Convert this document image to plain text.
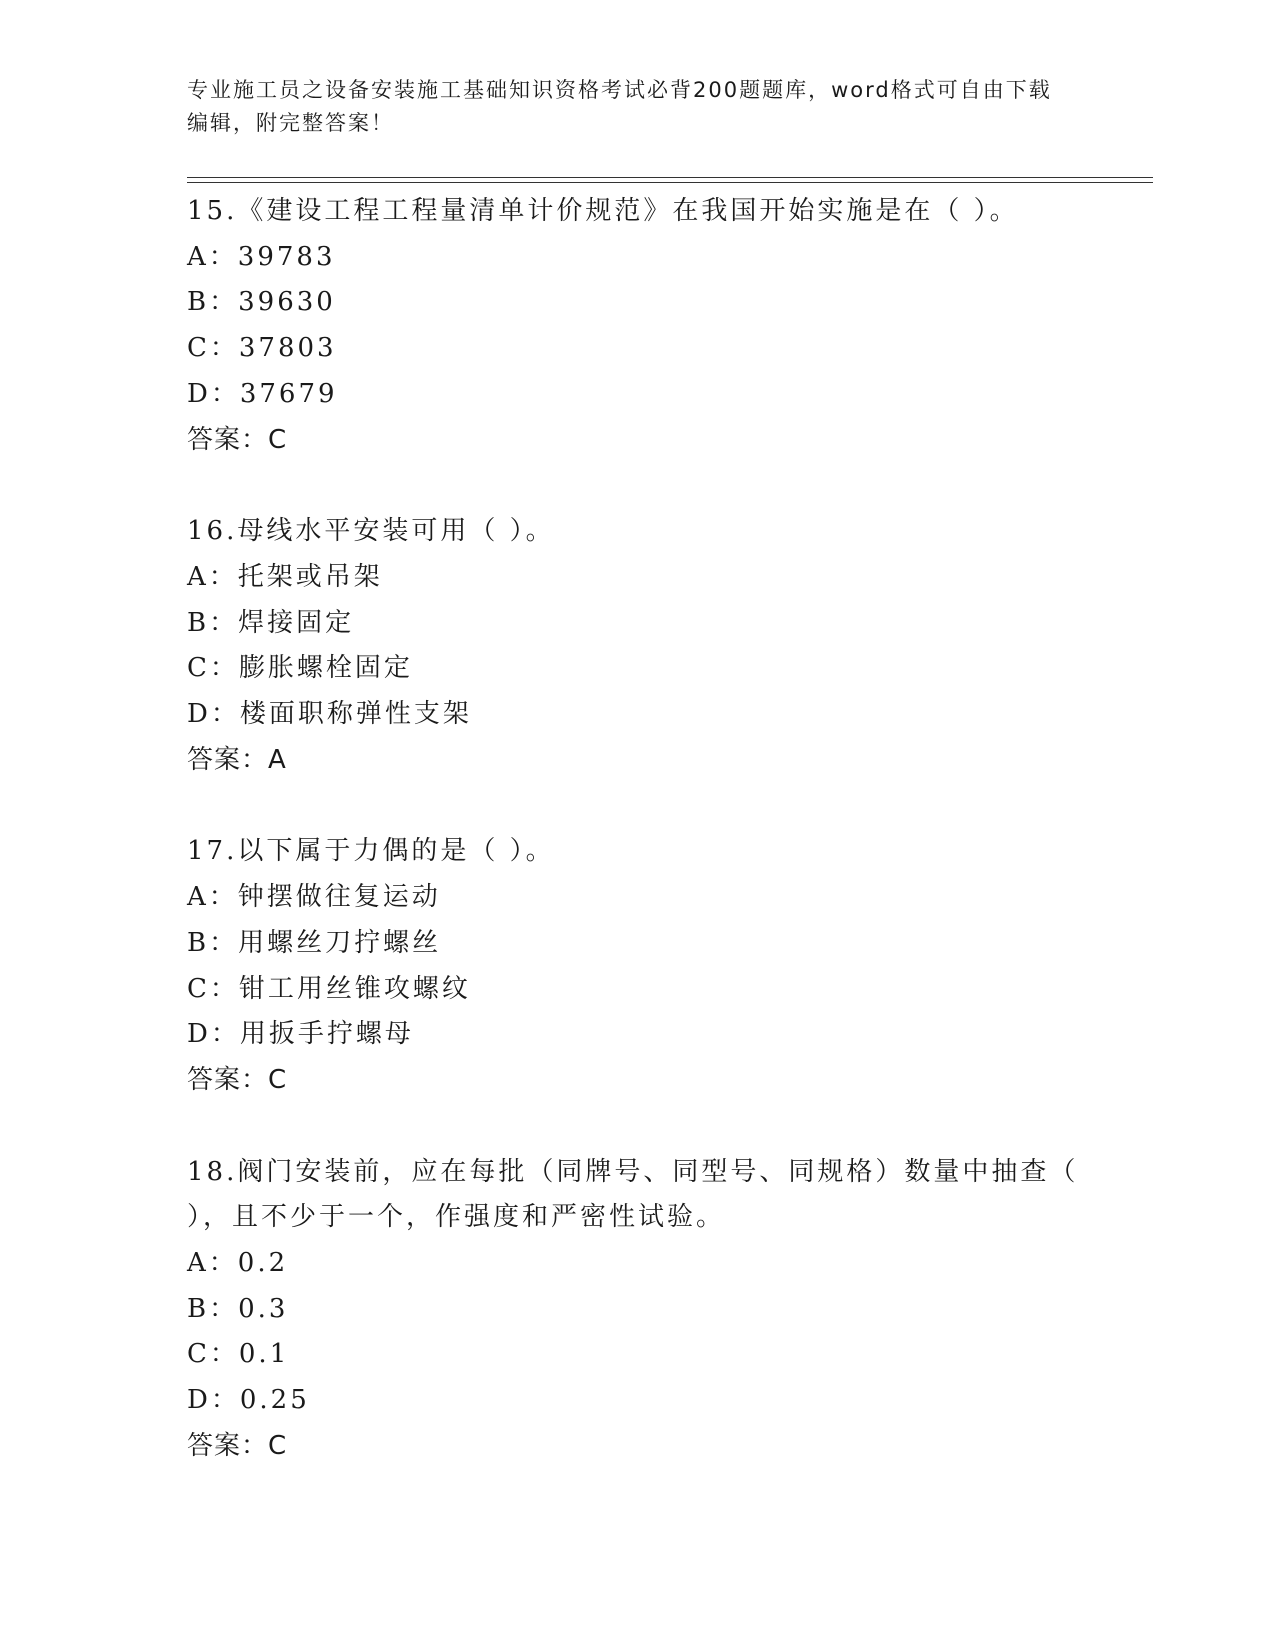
专业施工员之设备安装施工基础知识资格考试必背200题题库，word格式可自由下载编辑，附完整答案！
15.《建设工程工程量清单计价规范》在我国开始实施是在（ ）。
A：39783
B：39630
C：37803
D：37679
答案：C
16.母线水平安装可用（ ）。
A：托架或吊架
B：焊接固定
C：膨胀螺栓固定
D：楼面职称弹性支架
答案：A
17.以下属于力偶的是（ ）。
A：钟摆做往复运动
B：用螺丝刀拧螺丝
C：钳工用丝锥攻螺纹
D：用扳手拧螺母
答案：C
18.阀门安装前，应在每批（同牌号、同型号、同规格）数量中抽查（
），且不少于一个，作强度和严密性试验。
A：0.2
B：0.3
C：0.1
D：0.25
答案：C
